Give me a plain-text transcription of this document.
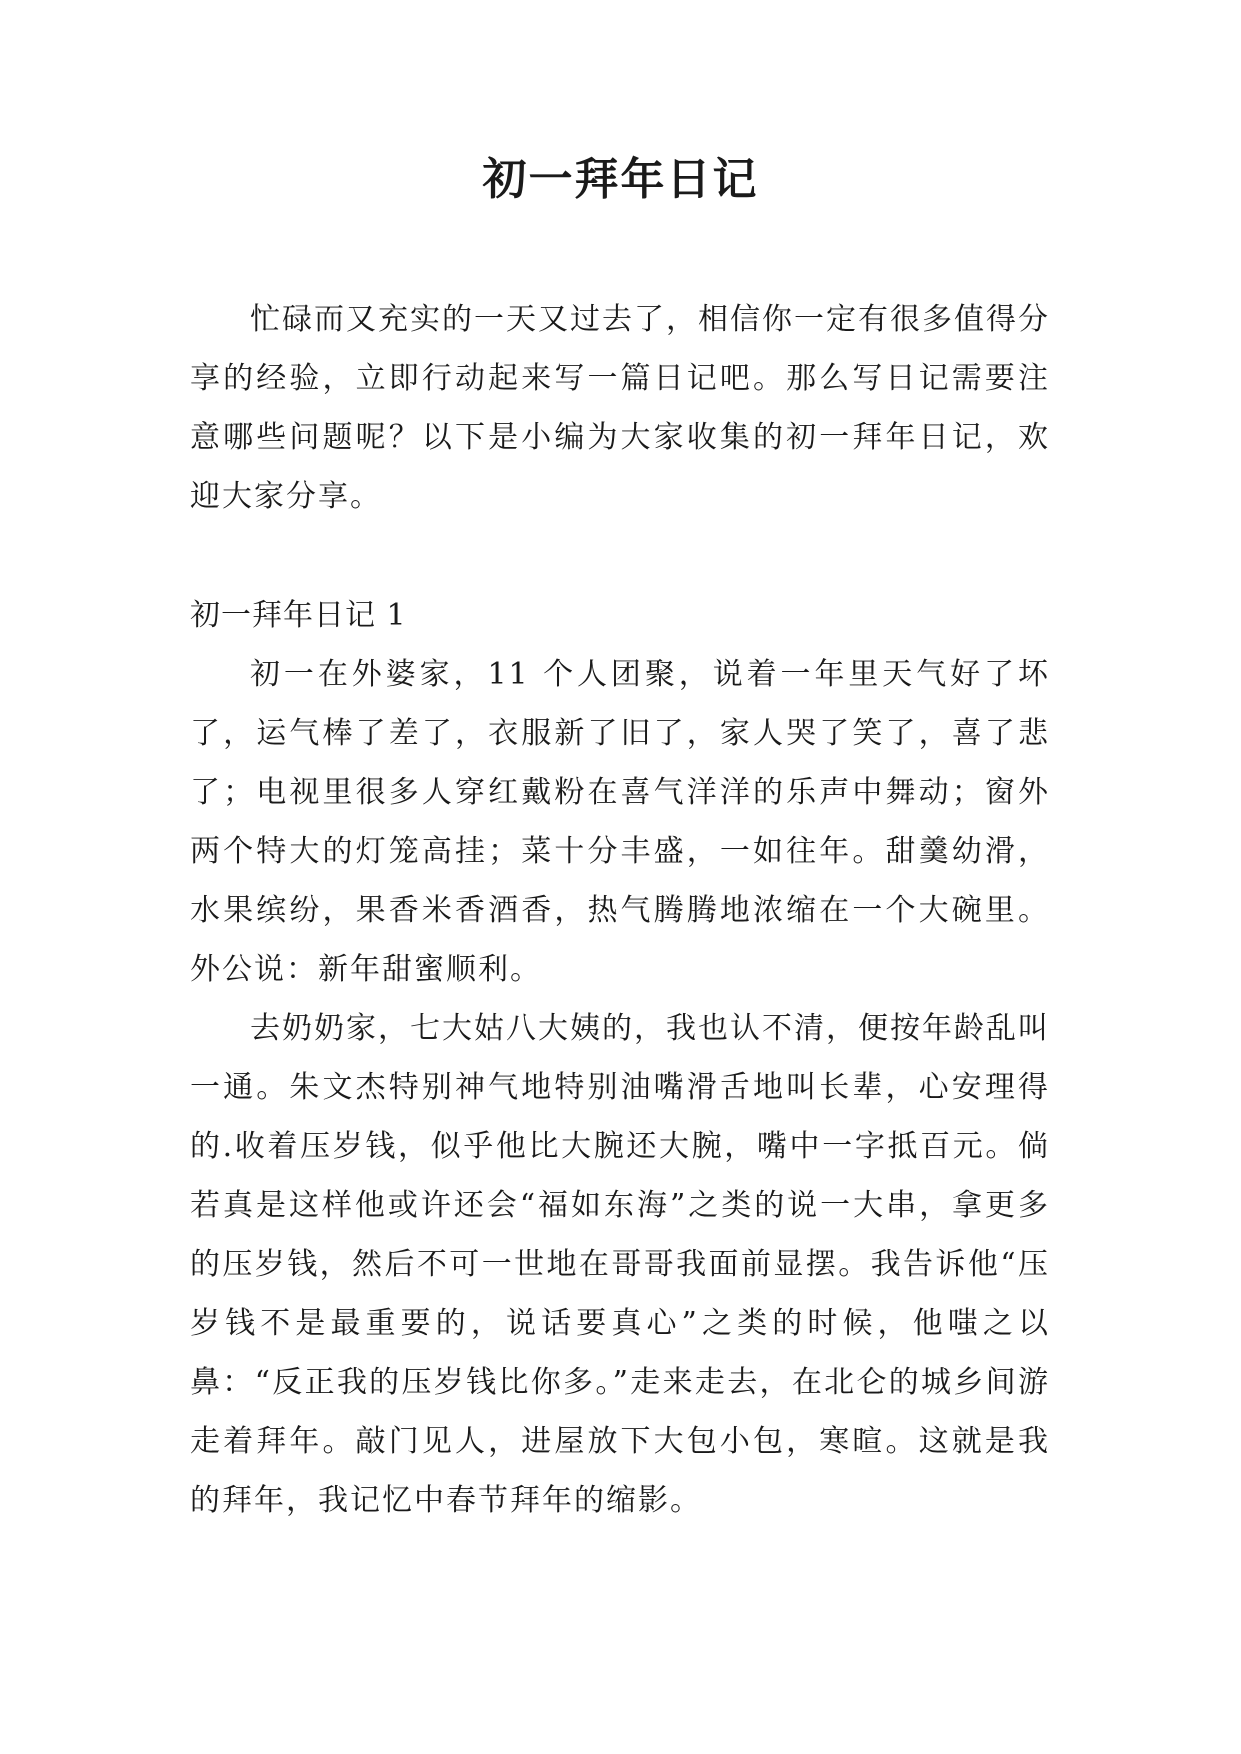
初一拜年日记

忙碌而又充实的一天又过去了，相信你一定有很多值得分享的经验，立即行动起来写一篇日记吧。那么写日记需要注意哪些问题呢？以下是小编为大家收集的初一拜年日记，欢迎大家分享。

初一拜年日记 1

初一在外婆家，11 个人团聚，说着一年里天气好了坏了，运气棒了差了，衣服新了旧了，家人哭了笑了，喜了悲了；电视里很多人穿红戴粉在喜气洋洋的乐声中舞动；窗外两个特大的灯笼高挂；菜十分丰盛，一如往年。甜羹幼滑，水果缤纷，果香米香酒香，热气腾腾地浓缩在一个大碗里。外公说：新年甜蜜顺利。

去奶奶家，七大姑八大姨的，我也认不清，便按年龄乱叫一通。朱文杰特别神气地特别油嘴滑舌地叫长辈，心安理得的.收着压岁钱，似乎他比大腕还大腕，嘴中一字抵百元。倘若真是这样他或许还会“福如东海”之类的说一大串，拿更多的压岁钱，然后不可一世地在哥哥我面前显摆。我告诉他“压岁钱不是最重要的，说话要真心”之类的时候，他嗤之以鼻：“反正我的压岁钱比你多。”走来走去，在北仑的城乡间游走着拜年。敲门见人，进屋放下大包小包，寒暄。这就是我的拜年，我记忆中春节拜年的缩影。
